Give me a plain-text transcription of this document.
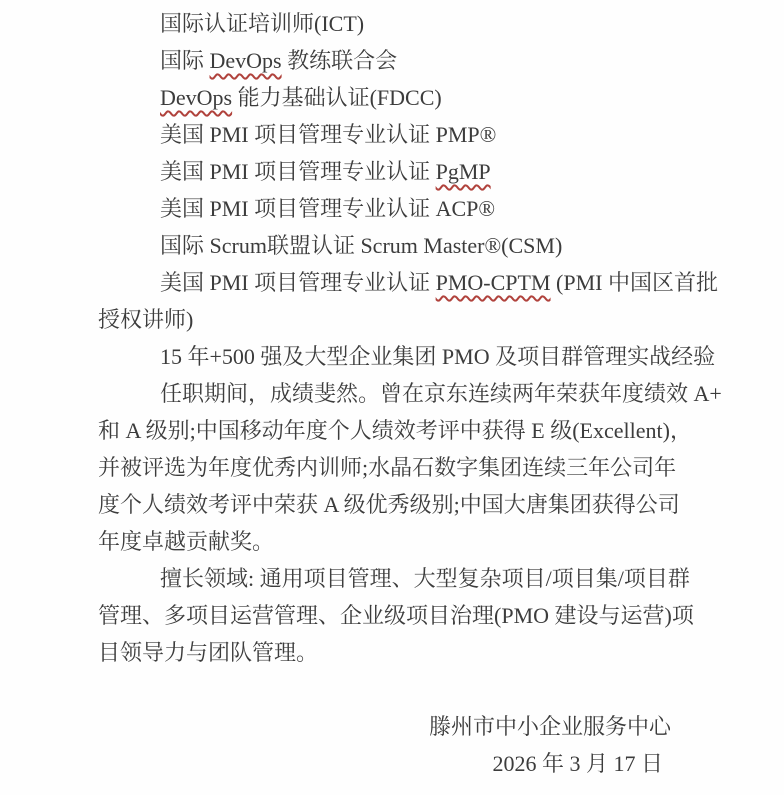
国际认证培训师(ICT)
国际 DevOps 教练联合会
DevOps 能力基础认证(FDCC)
美国 PMI 项目管理专业认证 PMP®
美国 PMI 项目管理专业认证 PgMP
美国 PMI 项目管理专业认证 ACP®
国际 Scrum联盟认证 Scrum Master®(CSM)
美国 PMI 项目管理专业认证 PMO-CPTM (PMI 中国区首批
授权讲师)
15 年+500 强及大型企业集团 PMO 及项目群管理实战经验
任职期间，成绩斐然。曾在京东连续两年荣获年度绩效 A+
和 A 级别;中国移动年度个人绩效考评中获得 E 级(Excellent)，
并被评选为年度优秀内训师;水晶石数字集团连续三年公司年
度个人绩效考评中荣获 A 级优秀级别;中国大唐集团获得公司
年度卓越贡献奖。
擅长领域: 通用项目管理、大型复杂项目/项目集/项目群
管理、多项目运营管理、企业级项目治理(PMO 建设与运营)项
目领导力与团队管理。
滕州市中小企业服务中心
2026 年 3 月 17 日
